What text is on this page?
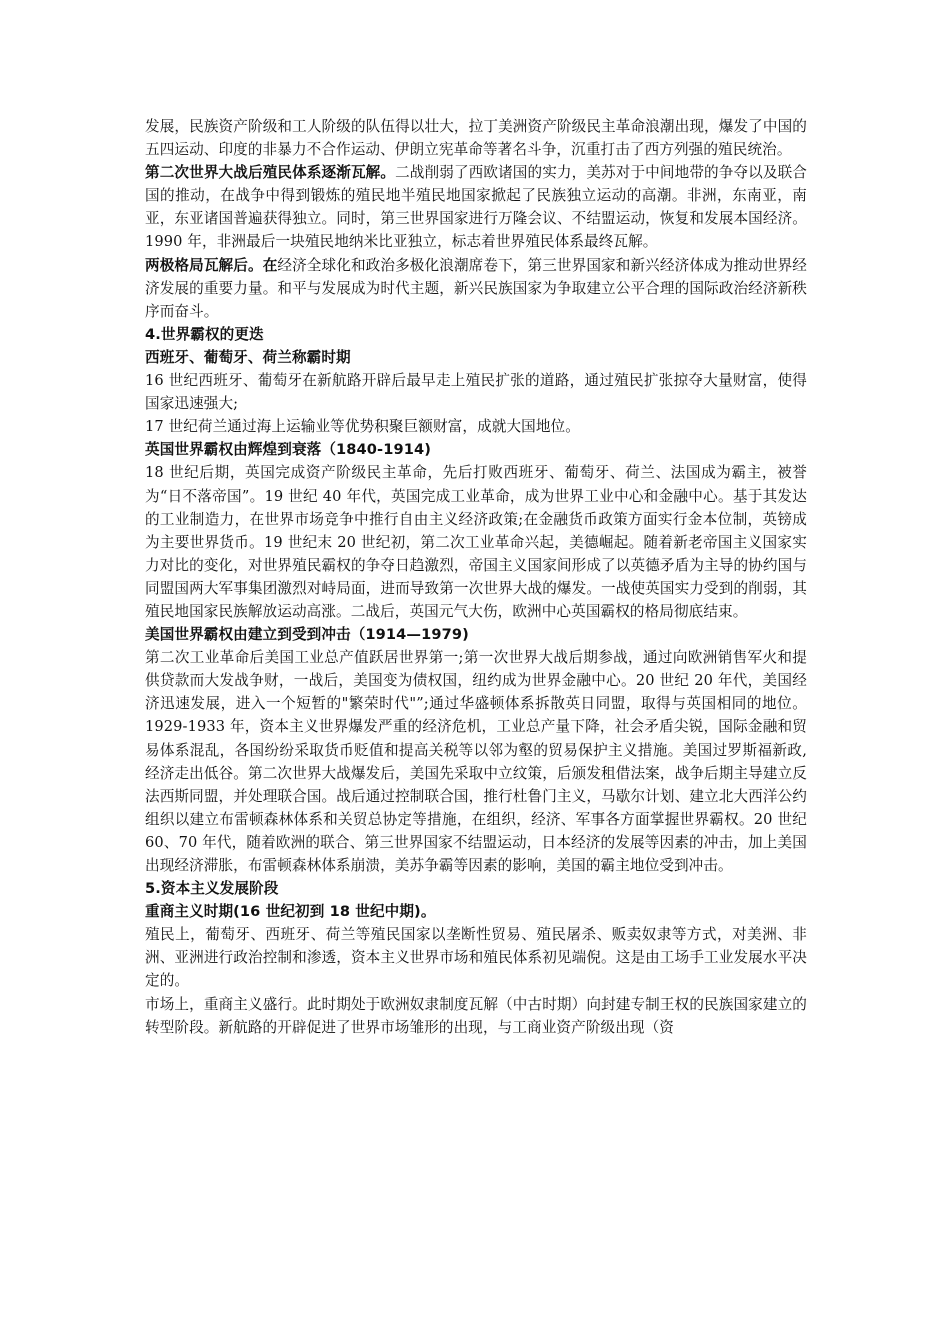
发展，民族资产阶级和工人阶级的队伍得以壮大，拉丁美洲资产阶级民主革命浪潮出现，爆发了中国的五四运动、印度的非暴力不合作运动、伊朗立宪革命等著名斗争，沉重打击了西方列强的殖民统治。

第二次世界大战后殖民体系逐渐瓦解。二战削弱了西欧诸国的实力，美苏对于中间地带的争夺以及联合国的推动，在战争中得到锻炼的殖民地半殖民地国家掀起了民族独立运动的高潮。非洲，东南亚，南亚，东亚诸国普遍获得独立。同时，第三世界国家进行万隆会议、不结盟运动，恢复和发展本国经济。1990 年，非洲最后一块殖民地纳米比亚独立，标志着世界殖民体系最终瓦解。

两极格局瓦解后。在经济全球化和政治多极化浪潮席卷下，第三世界国家和新兴经济体成为推动世界经济发展的重要力量。和平与发展成为时代主题，新兴民族国家为争取建立公平合理的国际政治经济新秩序而奋斗。

4.世界霸权的更迭

西班牙、葡萄牙、荷兰称霸时期

16 世纪西班牙、葡萄牙在新航路开辟后最早走上殖民扩张的道路，通过殖民扩张掠夺大量财富，使得国家迅速强大;

17 世纪荷兰通过海上运输业等优势积聚巨额财富，成就大国地位。

英国世界霸权由辉煌到衰落（1840-1914)

18 世纪后期，英国完成资产阶级民主革命，先后打败西班牙、葡萄牙、荷兰、法国成为霸主，被誉为“日不落帝国”。19 世纪 40 年代，英国完成工业革命，成为世界工业中心和金融中心。基于其发达的工业制造力，在世界市场竞争中推行自由主义经济政策;在金融货币政策方面实行金本位制，英镑成为主要世界货币。19 世纪末 20 世纪初，第二次工业革命兴起，美德崛起。随着新老帝国主义国家实力对比的变化，对世界殖民霸权的争夺日趋激烈，帝国主义国家间形成了以英德矛盾为主导的协约国与同盟国两大军事集团激烈对峙局面，进而导致第一次世界大战的爆发。一战使英国实力受到的削弱，其殖民地国家民族解放运动高涨。二战后，英国元气大伤，欧洲中心英国霸权的格局彻底结束。

美国世界霸权由建立到受到冲击（1914—1979)

第二次工业革命后美国工业总产值跃居世界第一;第一次世界大战后期参战，通过向欧洲销售军火和提供贷款而大发战争财，一战后，美国变为债权国，纽约成为世界金融中心。20 世纪 20 年代，美国经济迅速发展，进入一个短暂的"繁荣时代"”;通过华盛顿体系拆散英日同盟，取得与英国相同的地位。1929-1933 年，资本主义世界爆发严重的经济危机，工业总产量下降，社会矛盾尖锐，国际金融和贸易体系混乱，各国纷纷采取货币贬值和提高关税等以邻为壑的贸易保护主义措施。美国过罗斯福新政,经济走出低谷。第二次世界大战爆发后，美国先采取中立纹策，后颁发租借法案，战争后期主导建立反法西斯同盟，并处理联合国。战后通过控制联合国，推行杜鲁门主义，马歇尔计划、建立北大西洋公约组织以建立布雷顿森林体系和关贸总协定等措施，在组织，经济、军事各方面掌握世界霸权。20 世纪 60、70 年代，随着欧洲的联合、第三世界国家不结盟运动，日本经济的发展等因素的冲击，加上美国出现经济滞胀，布雷顿森林体系崩溃，美苏争霸等因素的影响，美国的霸主地位受到冲击。

5.资本主义发展阶段

重商主义时期(16 世纪初到 18 世纪中期)。

殖民上，葡萄牙、西班牙、荷兰等殖民国家以垄断性贸易、殖民屠杀、贩卖奴隶等方式，对美洲、非洲、亚洲进行政治控制和渗透，资本主义世界市场和殖民体系初见端倪。这是由工场手工业发展水平决定的。

市场上，重商主义盛行。此时期处于欧洲奴隶制度瓦解（中古时期）向封建专制王权的民族国家建立的转型阶段。新航路的开辟促进了世界市场雏形的出现，与工商业资产阶级出现（资
